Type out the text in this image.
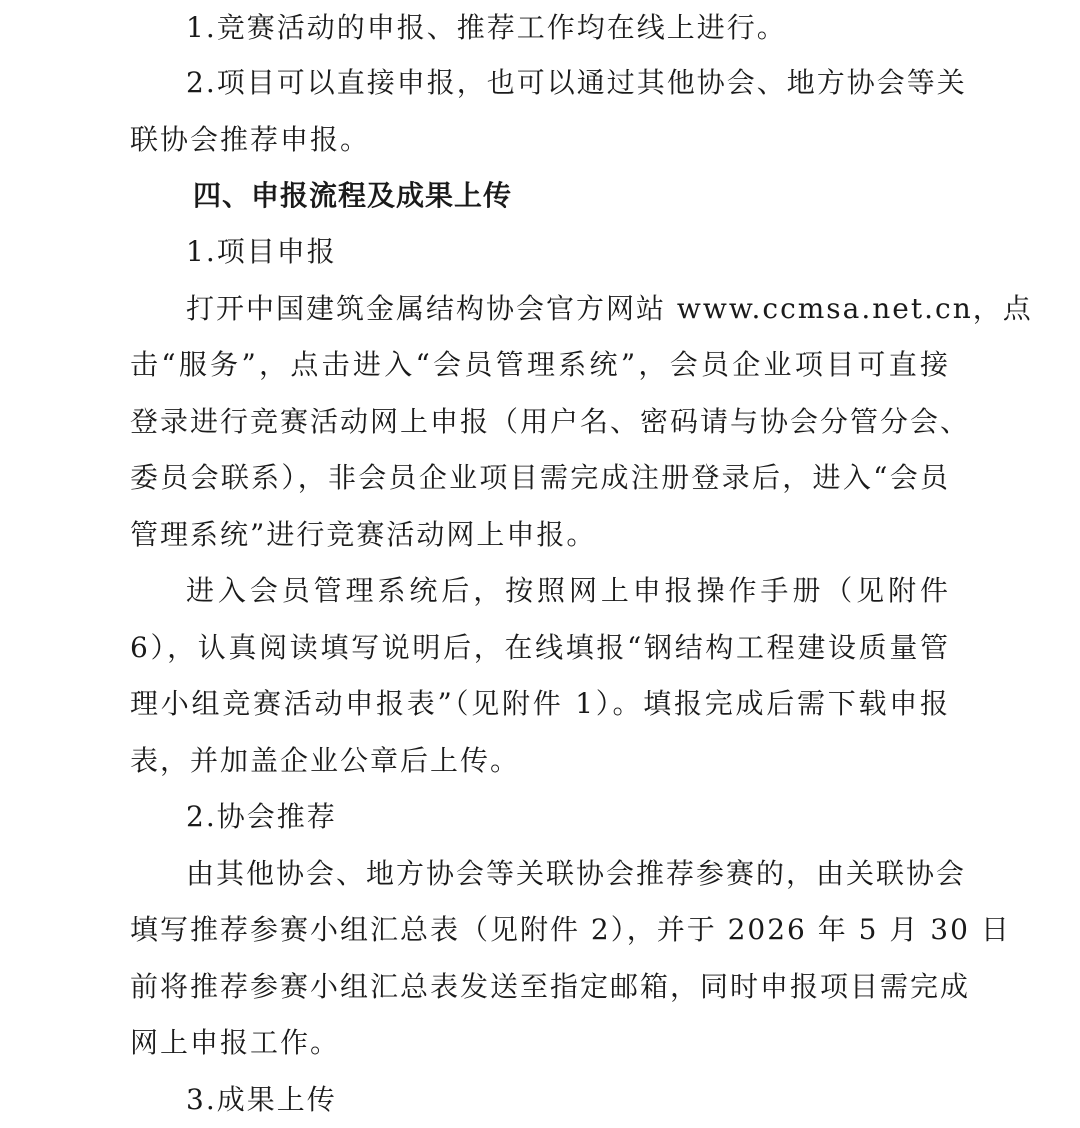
1.竞赛活动的申报、推荐工作均在线上进行。
2.项目可以直接申报，也可以通过其他协会、地方协会等关
联协会推荐申报。
四、申报流程及成果上传
1.项目申报
打开中国建筑金属结构协会官方网站 www.ccmsa.net.cn，点
击“服务”，点击进入“会员管理系统”，会员企业项目可直接
登录进行竞赛活动网上申报（用户名、密码请与协会分管分会、
委员会联系），非会员企业项目需完成注册登录后，进入“会员
管理系统”进行竞赛活动网上申报。
进入会员管理系统后，按照网上申报操作手册（见附件
6），认真阅读填写说明后，在线填报“钢结构工程建设质量管
理小组竞赛活动申报表”（见附件 1）。填报完成后需下载申报
表，并加盖企业公章后上传。
2.协会推荐
由其他协会、地方协会等关联协会推荐参赛的，由关联协会
填写推荐参赛小组汇总表（见附件 2），并于 2026 年 5 月 30 日
前将推荐参赛小组汇总表发送至指定邮箱，同时申报项目需完成
网上申报工作。
3.成果上传
